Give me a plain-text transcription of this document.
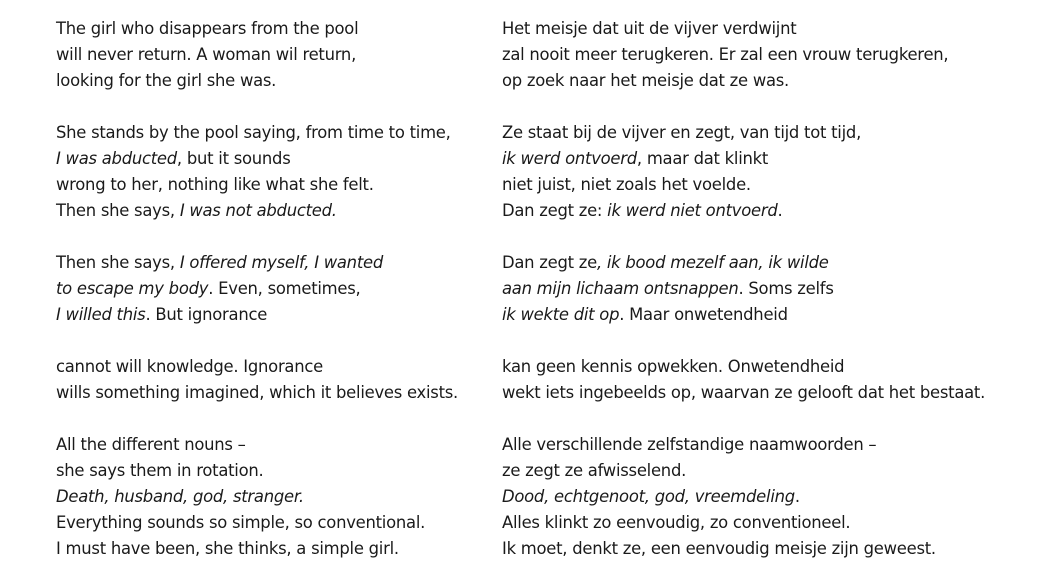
The girl who disappears from the pool
will never return. A woman wil return,
looking for the girl she was.
She stands by the pool saying, from time to time,
I was abducted, but it sounds
wrong to her, nothing like what she felt.
Then she says, I was not abducted.
Then she says, I offered myself, I wanted
to escape my body. Even, sometimes,
I willed this. But ignorance
cannot will knowledge. Ignorance
wills something imagined, which it believes exists.
All the different nouns –
she says them in rotation.
Death, husband, god, stranger.
Everything sounds so simple, so conventional.
I must have been, she thinks, a simple girl.
Het meisje dat uit de vijver verdwijnt
zal nooit meer terugkeren. Er zal een vrouw terugkeren,
op zoek naar het meisje dat ze was.
Ze staat bij de vijver en zegt, van tijd tot tijd,
ik werd ontvoerd, maar dat klinkt
niet juist, niet zoals het voelde.
Dan zegt ze: ik werd niet ontvoerd.
Dan zegt ze, ik bood mezelf aan, ik wilde
aan mijn lichaam ontsnappen. Soms zelfs
ik wekte dit op. Maar onwetendheid
kan geen kennis opwekken. Onwetendheid
wekt iets ingebeelds op, waarvan ze gelooft dat het bestaat.
Alle verschillende zelfstandige naamwoorden –
ze zegt ze afwisselend.
Dood, echtgenoot, god, vreemdeling.
Alles klinkt zo eenvoudig, zo conventioneel.
Ik moet, denkt ze, een eenvoudig meisje zijn geweest.
